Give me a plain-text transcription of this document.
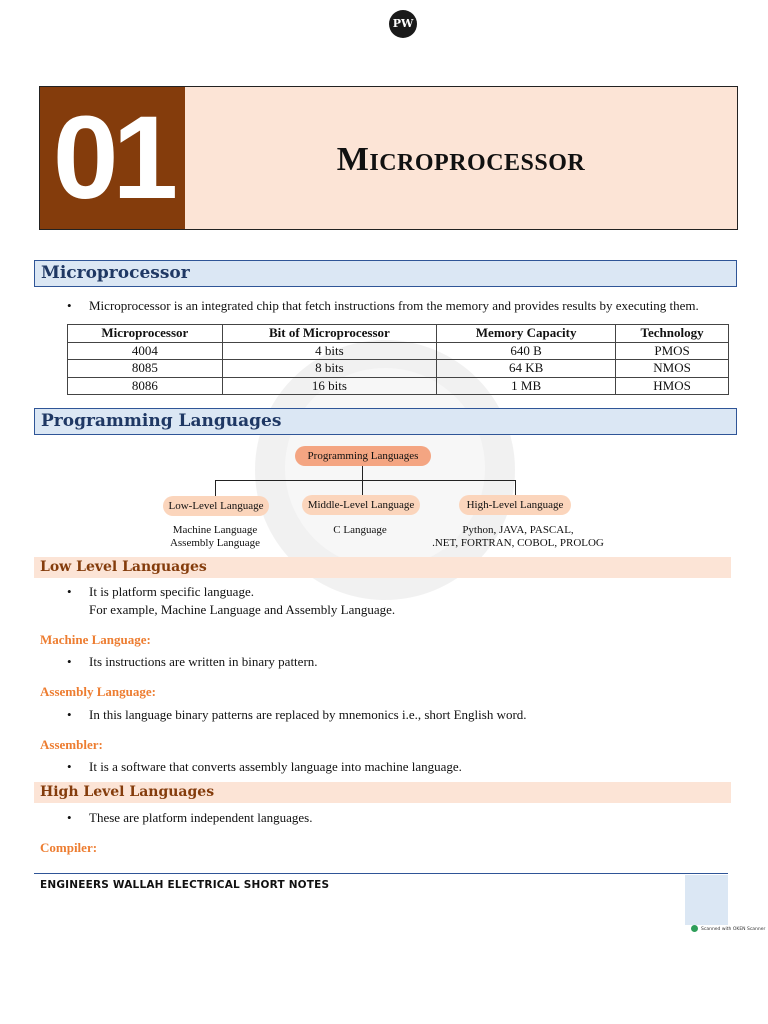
PW
01	Microprocessor
Microprocessor
• Microprocessor is an integrated chip that fetch instructions from the memory and provides results by executing them.
Microprocessor	Bit of Microprocessor	Memory Capacity	Technology
4004	4 bits	640 B	PMOS
8085	8 bits	64 KB	NMOS
8086	16 bits	1 MB	HMOS
Programming Languages
Programming Languages
Low-Level Language	Middle-Level Language	High-Level Language
Machine Language
Assembly Language
C Language	Python, JAVA, PASCAL,
.NET, FORTRAN, COBOL, PROLOG
Low Level Languages
• It is platform specific language.
For example, Machine Language and Assembly Language.
Machine Language:
• Its instructions are written in binary pattern.
Assembly Language:
• In this language binary patterns are replaced by mnemonics i.e., short English word.
Assembler:
• It is a software that converts assembly language into machine language.
High Level Languages
• These are platform independent languages.
Compiler:
ENGINEERS WALLAH ELECTRICAL SHORT NOTES
Scanned with OKEN Scanner
